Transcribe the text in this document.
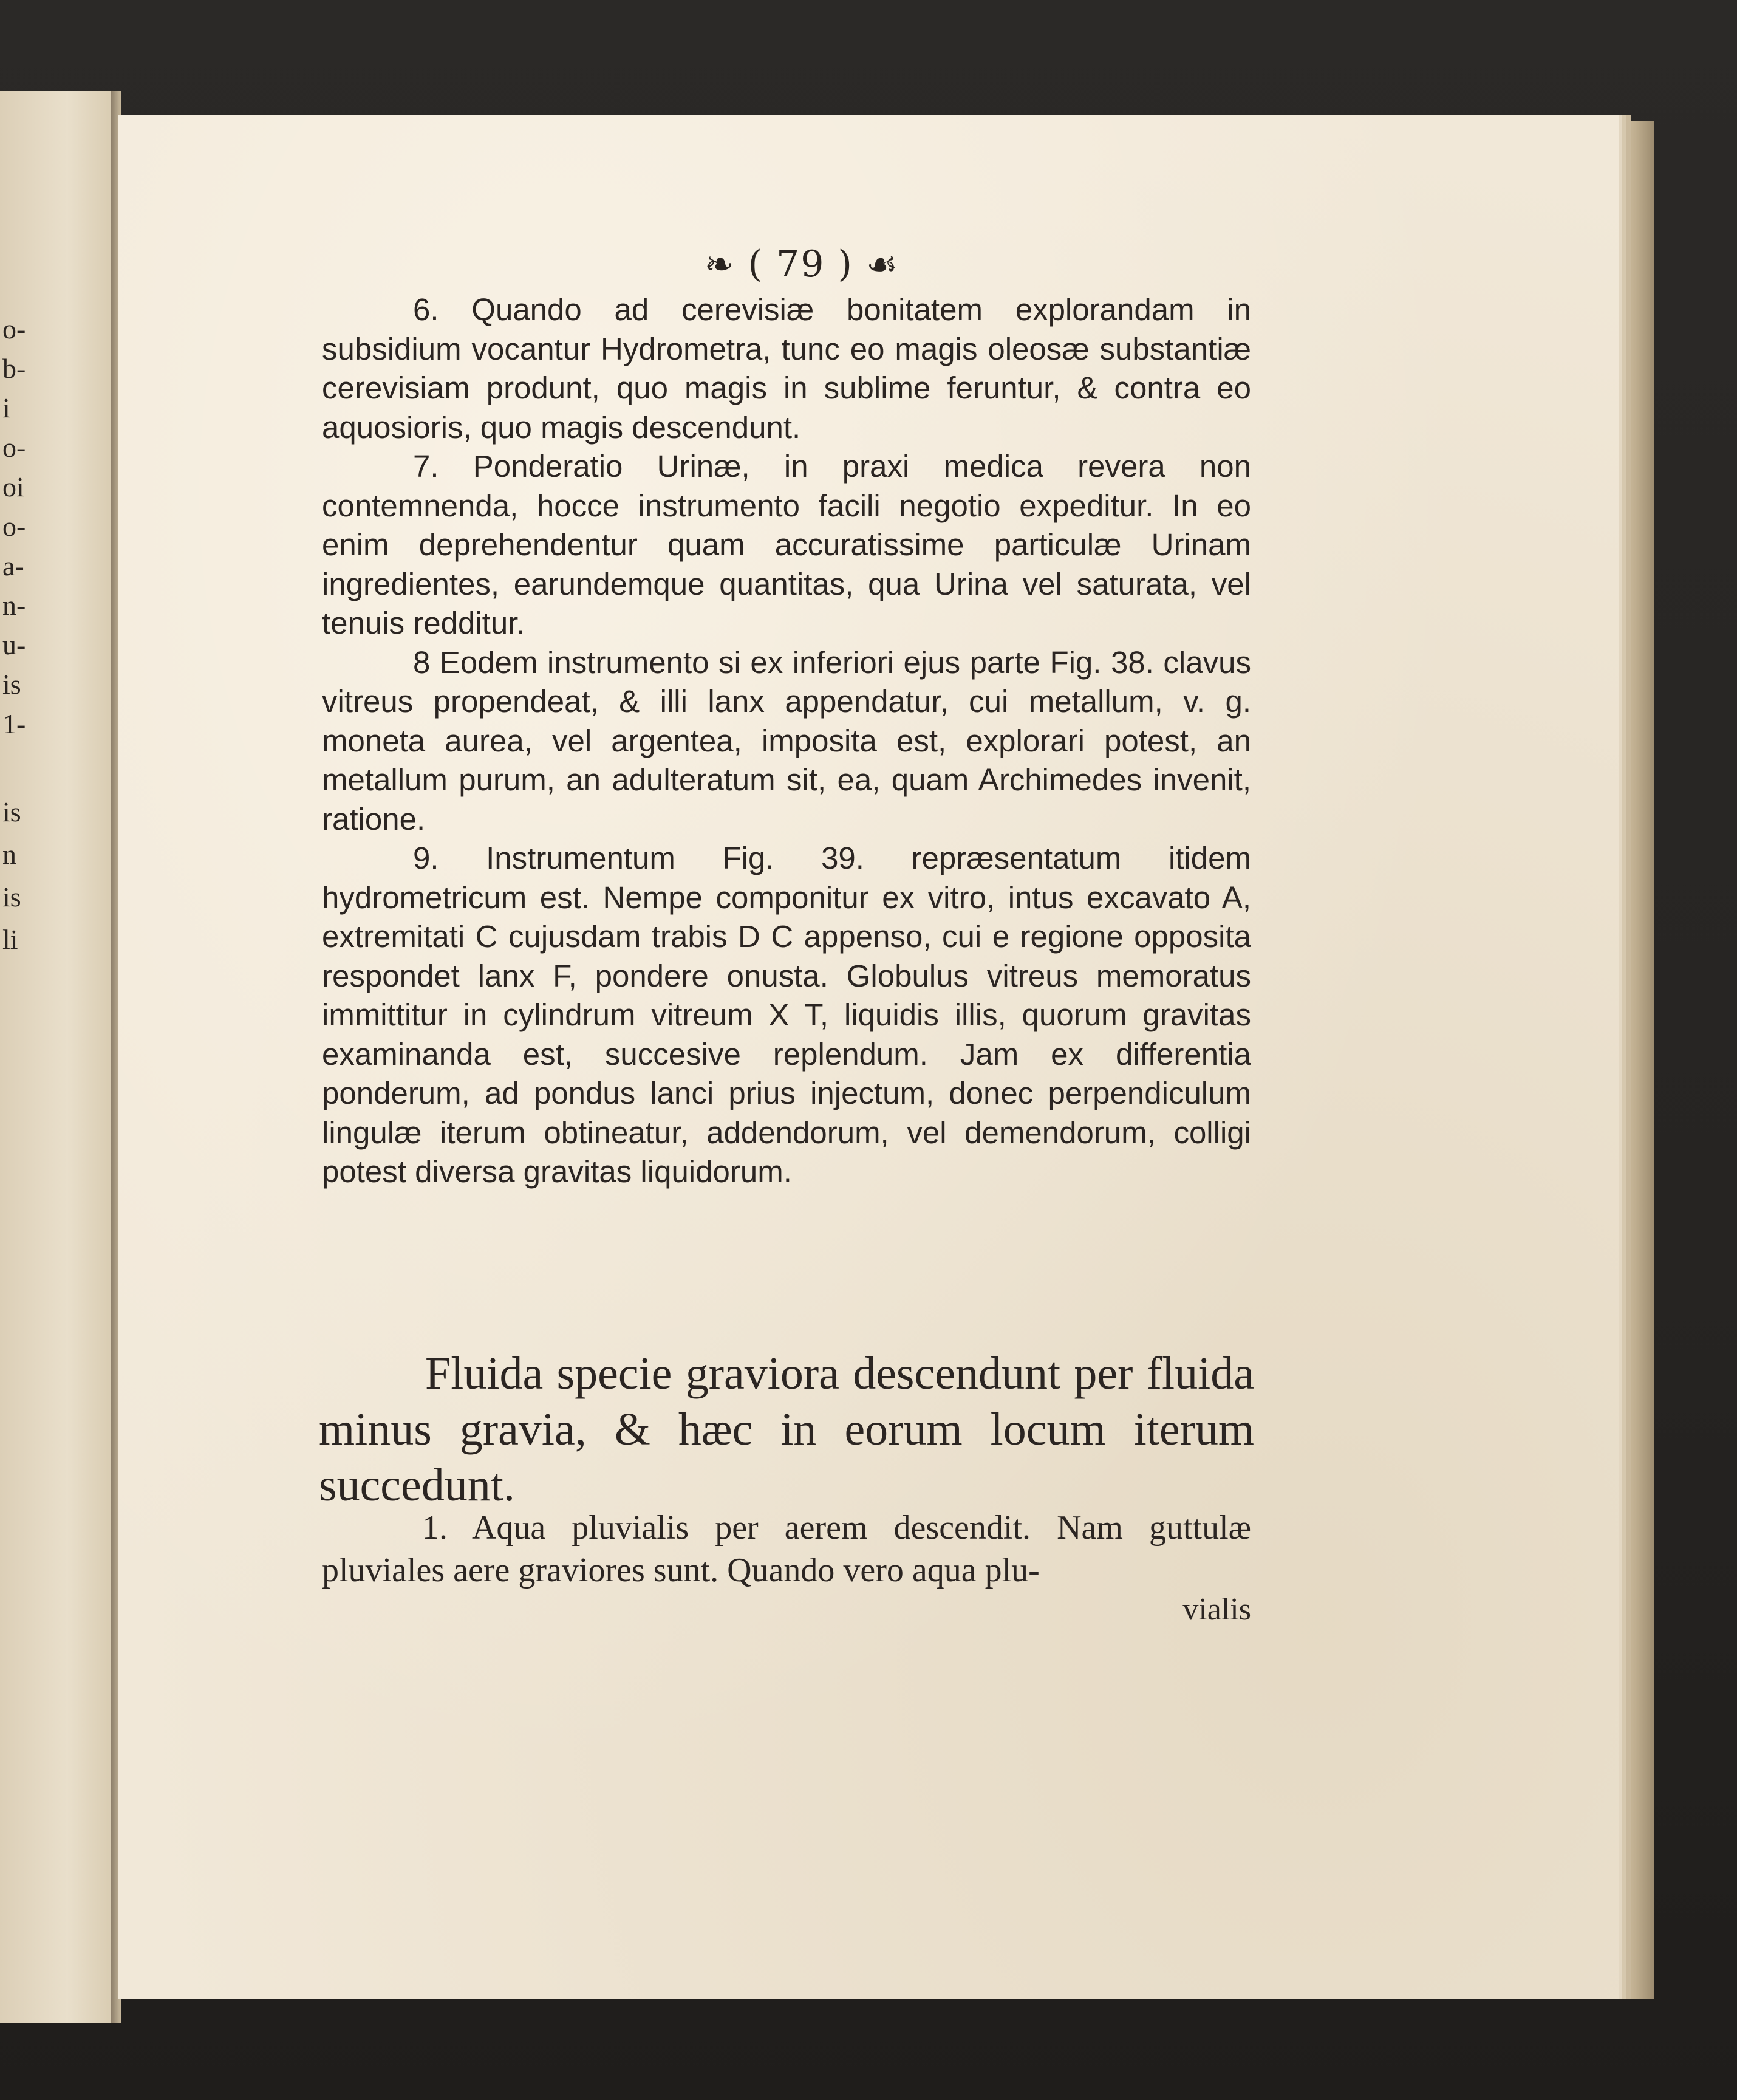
o-
b-
i
o-
oi
o-
a-
n-
u-
is
1-
is
n
is
li
❧ ( 79 ) ☙

6. Quando ad cerevisiæ bonitatem explorandam in subsidium vocantur Hydrometra, tunc eo magis oleosæ substantiæ cerevisiam produnt, quo magis in sublime feruntur, & contra eo aquosioris, quo magis descendunt.

7. Ponderatio Urinæ, in praxi medica revera non contemnenda, hocce instrumento facili negotio expeditur. In eo enim deprehendentur quam accuratissime particulæ Urinam ingredientes, earundemque quantitas, qua Urina vel saturata, vel tenuis redditur.

8 Eodem instrumento si ex inferiori ejus parte Fig. 38. clavus vitreus propendeat, & illi lanx appendatur, cui metallum, v. g. moneta aurea, vel argentea, imposita est, explorari potest, an metallum purum, an adulteratum sit, ea, quam Archimedes invenit, ratione.

9. Instrumentum Fig. 39. repræsentatum itidem hydrometricum est. Nempe componitur ex vitro, intus excavato A, extremitati C cujusdam trabis D C appenso, cui e regione opposita respondet lanx F, pondere onusta. Globulus vitreus memoratus immittitur in cylindrum vitreum X T, liquidis illis, quorum gravitas examinanda est, succesive replendum. Jam ex differentia ponderum, ad pondus lanci prius injectum, donec perpendiculum lingulæ iterum obtineatur, addendorum, vel demendorum, colligi potest diversa gravitas liquidorum.

Fluida specie graviora descendunt per fluida minus gravia, & hæc in eorum locum iterum succedunt.

1. Aqua pluvialis per aerem descendit. Nam guttulæ pluviales aere graviores sunt. Quando vero aqua plu-

vialis
